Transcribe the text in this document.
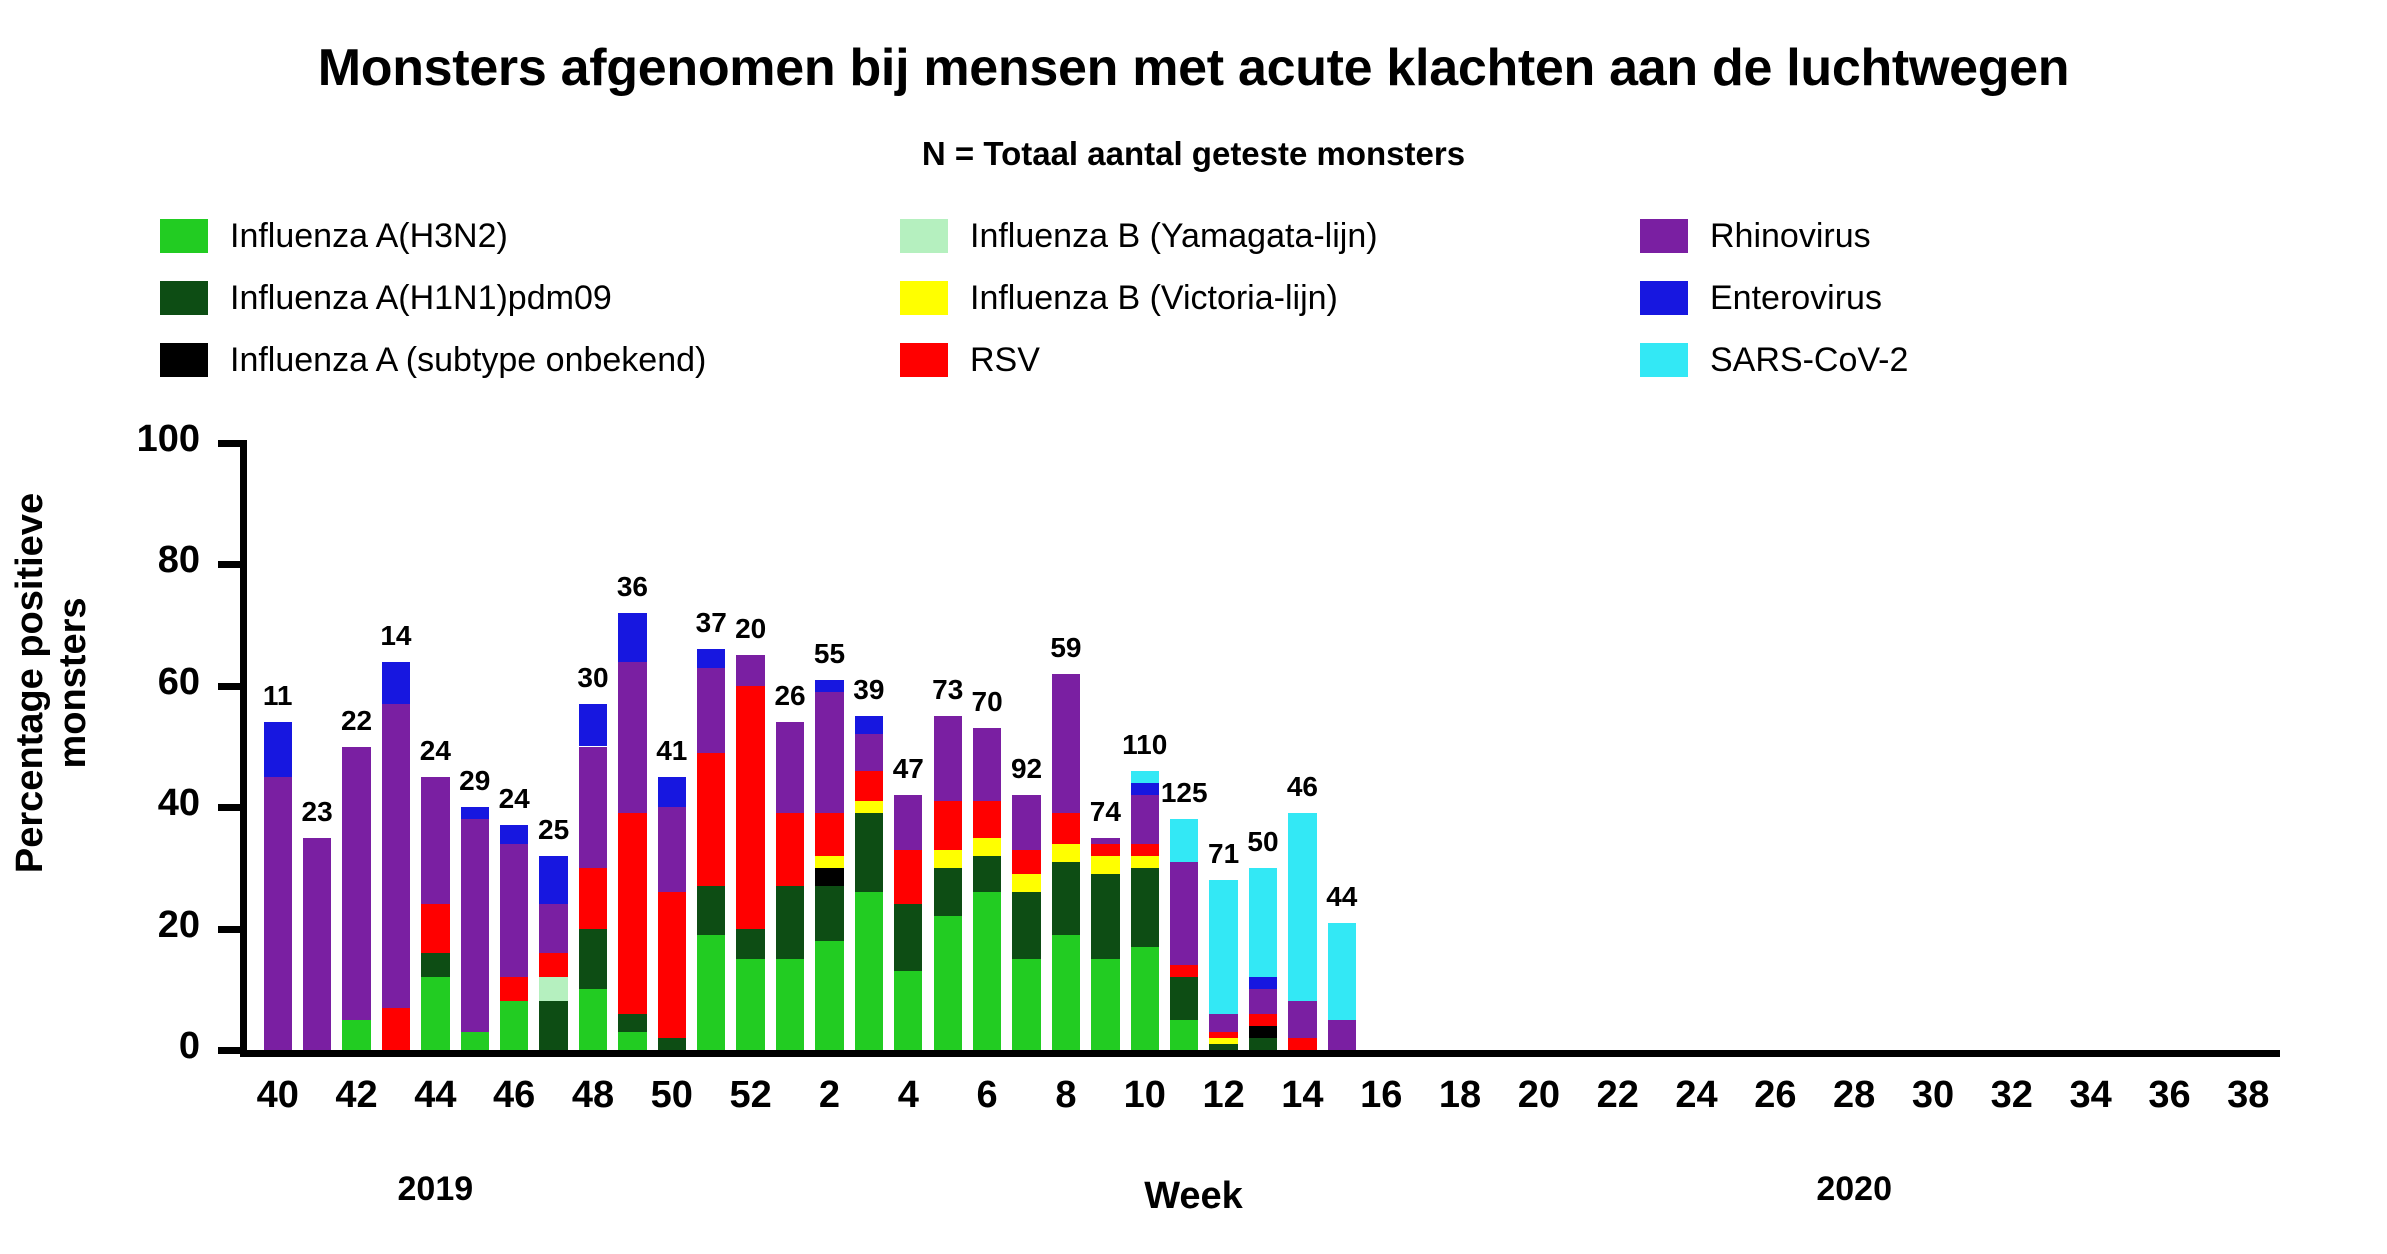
Monsters afgenomen bij mensen met acute klachten aan de luchtwegen
N = Totaal aantal geteste monsters
Influenza A(H3N2)	Influenza B (Yamagata-lijn)	Rhinovirus
Influenza A(H1N1)pdm09	Influenza B (Victoria-lijn)	Enterovirus
Influenza A (subtype onbekend)	RSV	SARS-CoV-2
Percentage positieve monsters
Week
0
20
40
60
80
100
40 42 44 46 48 50 52	2	4	6	8	10 12 14 16 18 20 22 24 26 28 30 32 34 36 38
2019	2020
11
23
22
14
24
29
24
25
30
36
41
37 20
26
55
39
47
73 70
92
59
74
110
125
71 50
46
44
